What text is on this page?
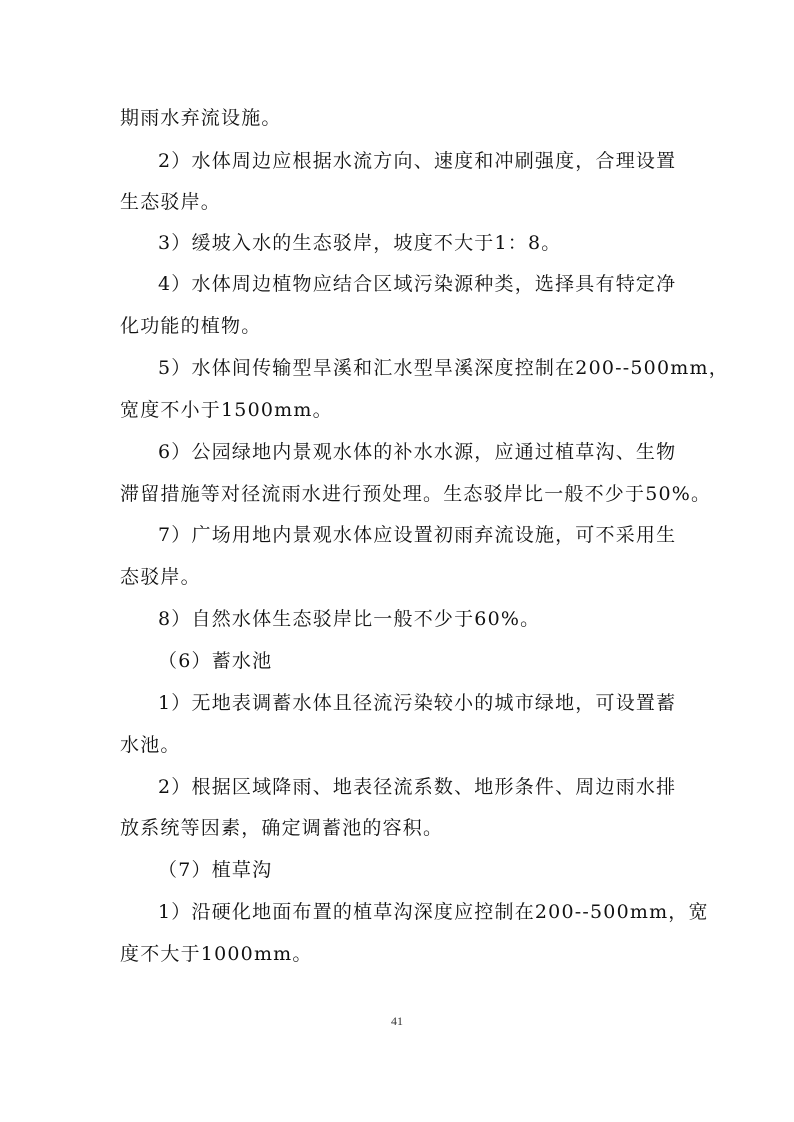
期雨水弃流设施。
2）水体周边应根据水流方向、速度和冲刷强度，合理设置
生态驳岸。
3）缓坡入水的生态驳岸，坡度不大于1：8。
4）水体周边植物应结合区域污染源种类，选择具有特定净
化功能的植物。
5）水体间传输型旱溪和汇水型旱溪深度控制在200--500mm，
宽度不小于1500mm。
6）公园绿地内景观水体的补水水源，应通过植草沟、生物
滞留措施等对径流雨水进行预处理。生态驳岸比一般不少于50%。
7）广场用地内景观水体应设置初雨弃流设施，可不采用生
态驳岸。
8）自然水体生态驳岸比一般不少于60%。
（6）蓄水池
1）无地表调蓄水体且径流污染较小的城市绿地，可设置蓄
水池。
2）根据区域降雨、地表径流系数、地形条件、周边雨水排
放系统等因素，确定调蓄池的容积。
（7）植草沟
1）沿硬化地面布置的植草沟深度应控制在200--500mm，宽
度不大于1000mm。
41
